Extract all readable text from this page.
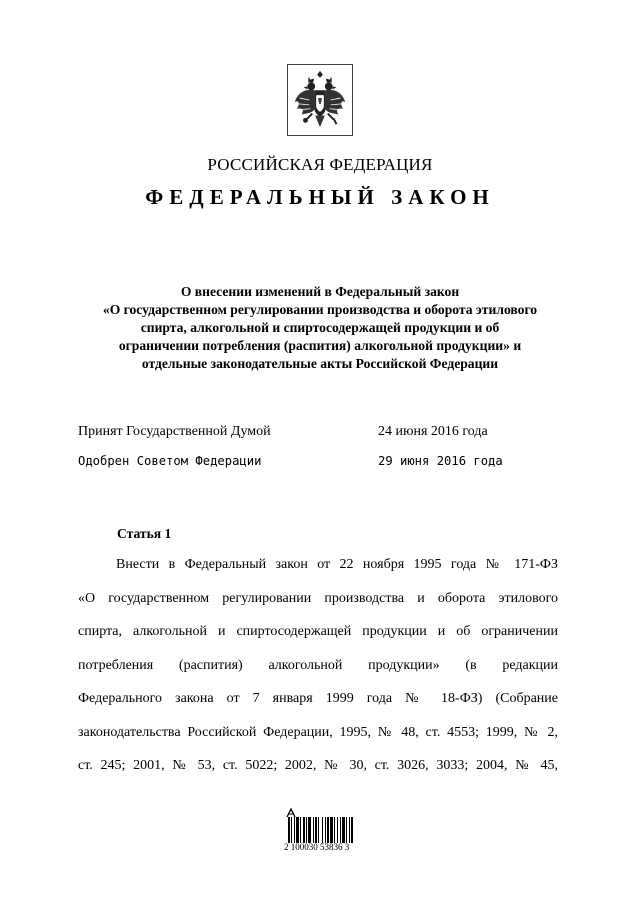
РОССИЙСКАЯ ФЕДЕРАЦИЯ
ФЕДЕРАЛЬНЫЙ ЗАКОН
О внесении изменений в Федеральный закон
«О государственном регулировании производства и оборота этилового
спирта, алкогольной и спиртосодержащей продукции и об
ограничении потребления (распития) алкогольной продукции» и
отдельные законодательные акты Российской Федерации
Принят Государственной Думой	24 июня 2016 года
Одобрен Советом Федерации	29 июня 2016 года
Статья 1
Внести в Федеральный закон от 22 ноября 1995 года № 171-ФЗ
«О государственном регулировании производства и оборота этилового
спирта, алкогольной и спиртосодержащей продукции и об ограничении
потребления (распития) алкогольной продукции» (в редакции
Федерального закона от 7 января 1999 года № 18-ФЗ) (Собрание
законодательства Российской Федерации, 1995, № 48, ст. 4553; 1999, № 2,
ст. 245; 2001, № 53, ст. 5022; 2002, № 30, ст. 3026, 3033; 2004, № 45,
2 100030 53836 3
